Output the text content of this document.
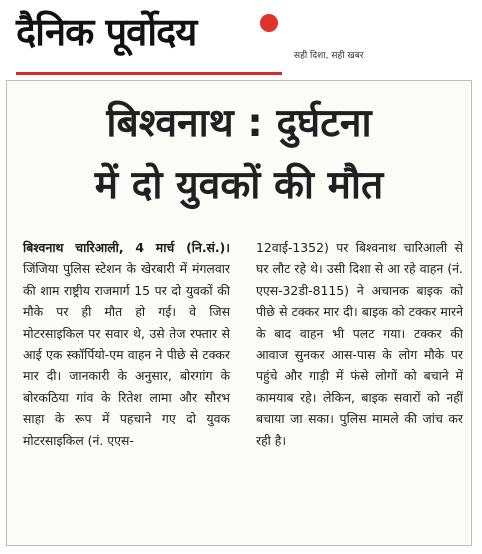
दैनिक पूर्वोदय
सही दिशा, सही खबर
बिश्वनाथ : दुर्घटना
में दो युवकों की मौत

बिश्वनाथ चारिआली, 4 मार्च (नि.सं.)। जिंजिया पुलिस स्टेशन के खेरबारी में मंगलवार की शाम राष्ट्रीय राजमार्ग 15 पर दो युवकों की मौके पर ही मौत हो गई। वे जिस मोटरसाइकिल पर सवार थे, उसे तेज रफ्तार से आई एक स्कॉर्पियो-एम वाहन ने पीछे से टक्कर मार दी। जानकारी के अनुसार, बोरगांग के बोरकठिया गांव के रितेश लामा और सौरभ साहा के रूप में पहचाने गए दो युवक मोटरसाइकिल (नं. एएस-

12वाई-1352) पर बिश्वनाथ चारिआली से घर लौट रहे थे। उसी दिशा से आ रहे वाहन (नं. एएस-32डी-8115) ने अचानक बाइक को पीछे से टक्कर मार दी। बाइक को टक्कर मारने के बाद वाहन भी पलट गया। टक्कर की आवाज सुनकर आस-पास के लोग मौके पर पहुंचे और गाड़ी में फंसे लोगों को बचाने में कामयाब रहे। लेकिन, बाइक सवारों को नहीं बचाया जा सका। पुलिस मामले की जांच कर रही है।
